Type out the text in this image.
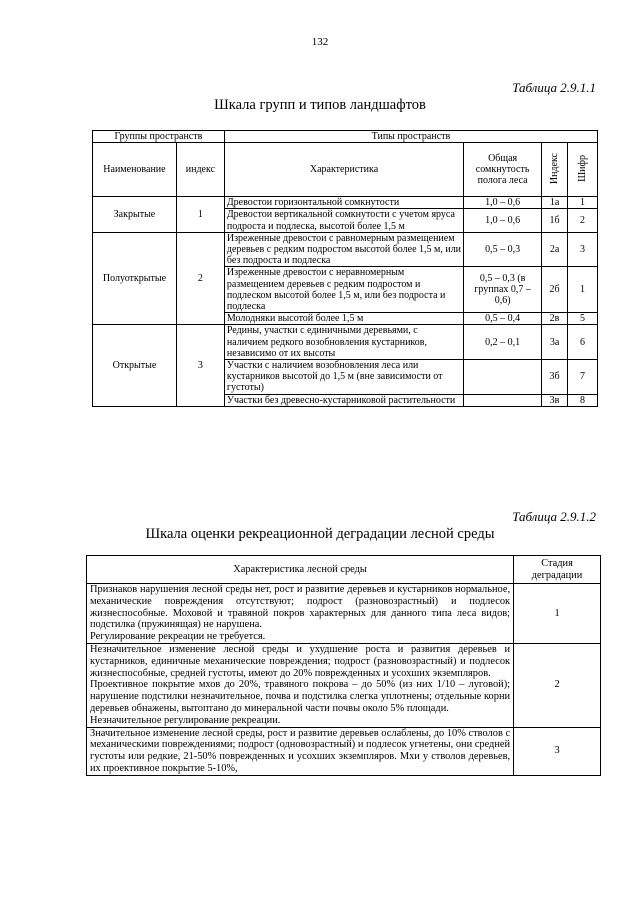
132
Таблица 2.9.1.1
Шкала групп и типов ландшафтов
Группы пространств		Типы пространств			
Наименование	индекс	Характеристика	Общая сомкнутость полога леса	Индекс	Шифр
Закрытые	1	Древостои горизонтальной сомкнутости	1,0 – 0,6	1а	1
		Древостои вертикальной сомкнутости с учетом яруса подроста и подлеска, высотой более 1,5 м	1,0 – 0,6	1б	2
Полуоткрытые	2	Изреженные древостои с равномерным размещением деревьев с редким подростом высотой более 1,5 м, или без подроста и подлеска	0,5 – 0,3	2а	3
		Изреженные древостои с неравномерным размещением деревьев с редким подростом и подлеском высотой более 1,5 м, или без подроста и подлеска	0,5 – 0,3 (в группах 0,7 – 0,6)	2б	1
		Молодняки высотой более 1,5 м	0,5 – 0,4	2в	5
Открытые	3	Редины, участки с единичными деревьями, с наличием редкого возобновления кустарников, независимо от их высоты	0,2 – 0,1	3а	6
		Участки с наличием возобновления леса или кустарников высотой до 1,5 м (вне зависимости от густоты)		3б	7
		Участки без древесно-кустарниковой растительности		3в	8
Таблица 2.9.1.2
Шкала оценки рекреационной деградации лесной среды
Характеристика лесной среды	Стадия деградации

Признаков нарушения лесной среды нет, рост и развитие деревьев и кустарников нормальное, механические повреждения отсутствуют; подрост (разновозрастный) и подлесок жизнеспособные. Моховой и травяной покров характерных для данного типа леса видов; подстилка (пружинящая) не нарушена.
Регулирование рекреации не требуется.	1

Незначительное изменение лесной среды и ухудшение роста и развития деревьев и кустарников, единичные механические повреждения; подрост (разновозрастный) и подлесок жизнеспособные, средней густоты, имеют до 20% поврежденных и усохших экземпляров.
Проективное покрытие мхов до 20%, травяного покрова – до 50% (из них 1/10 – луговой); нарушение подстилки незначительное, почва и подстилка слегка уплотнены; отдельные корни деревьев обнажены, вытоптано до минеральной части почвы около 5% площади.
Незначительное регулирование рекреации.	2

Значительное изменение лесной среды, рост и развитие деревьев ослаблены, до 10% стволов с механическими повреждениями; подрост (одновозрастный) и подлесок угнетены, они средней густоты или редкие, 21-50% поврежденных и усохших экземпляров. Мхи у стволов деревьев, их проективное покрытие 5-10%,	3
